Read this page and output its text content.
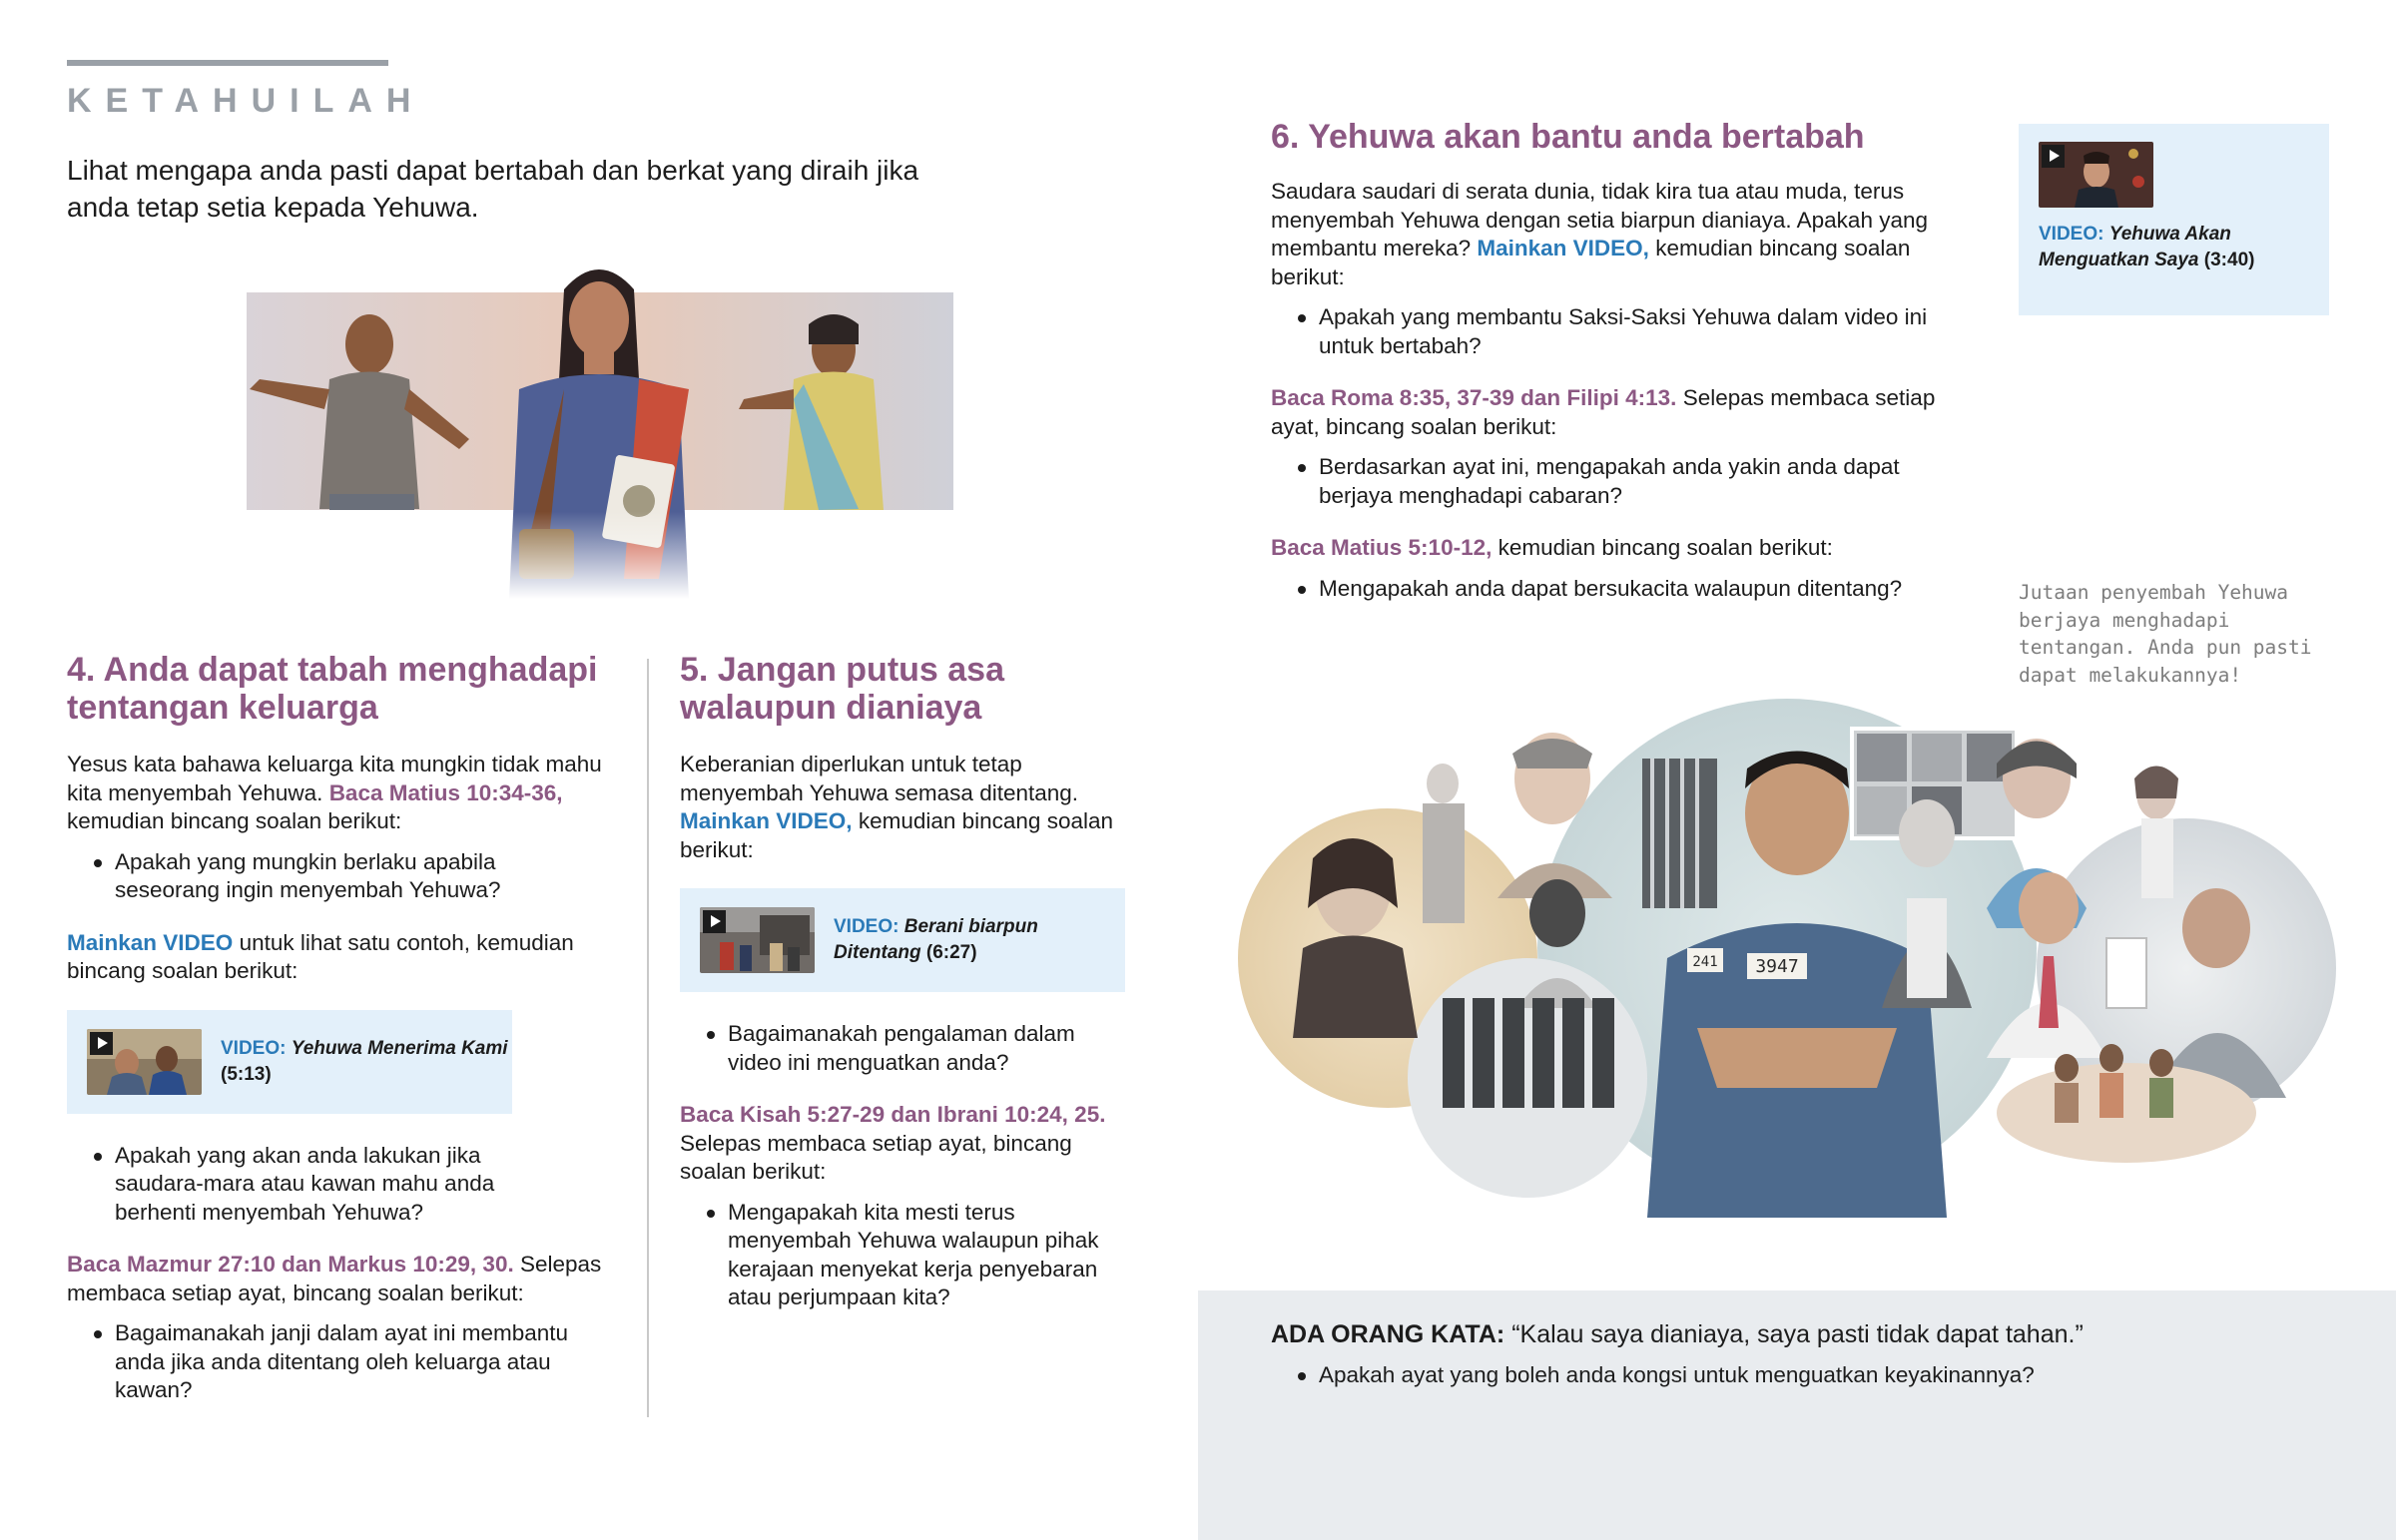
KETAHUILAH
Lihat mengapa anda pasti dapat bertabah dan berkat yang diraih jika anda tetap setia kepada Yehuwa.
4. Anda dapat tabah menghadapi
tentangan keluarga

Yesus kata bahawa keluarga kita mungkin tidak mahu kita menyembah Yehuwa. Baca Matius 10:34-36, kemudian bincang soalan berikut:

Apakah yang mungkin berlaku apabila seseorang ingin menyembah Yehuwa?

Mainkan VIDEO untuk lihat satu contoh, kemudian bincang soalan berikut:

VIDEO: Yehuwa Menerima Kami (5:13)
Apakah yang akan anda lakukan jika saudara-mara atau kawan mahu anda berhenti menyembah Yehuwa?

Baca Mazmur 27:10 dan Markus 10:29, 30. Selepas membaca setiap ayat, bincang soalan berikut:

Bagaimanakah janji dalam ayat ini membantu anda jika anda ditentang oleh keluarga atau kawan?
5. Jangan putus asa
walaupun dianiaya

Keberanian diperlukan untuk tetap menyembah Yehuwa semasa ditentang. Mainkan VIDEO, kemudian bincang soalan berikut:

VIDEO: Berani biarpun Ditentang (6:27)
Bagaimanakah pengalaman dalam video ini menguatkan anda?

Baca Kisah 5:27-29 dan Ibrani 10:24, 25. Selepas membaca setiap ayat, bincang soalan berikut:

Mengapakah kita mesti terus menyembah Yehuwa walaupun pihak kerajaan menyekat kerja penyebaran atau perjumpaan kita?
6. Yehuwa akan bantu anda bertabah

Saudara saudari di serata dunia, tidak kira tua atau muda, terus menyembah Yehuwa dengan setia biarpun dianiaya. Apakah yang membantu mereka? Mainkan VIDEO, kemudian bincang soalan berikut:

Apakah yang membantu Saksi-Saksi Yehuwa dalam video ini untuk bertabah?

Baca Roma 8:35, 37-39 dan Filipi 4:13. Selepas membaca setiap ayat, bincang soalan berikut:

Berdasarkan ayat ini, mengapakah anda yakin anda dapat berjaya menghadapi cabaran?

Baca Matius 5:10-12, kemudian bincang soalan berikut:

Mengapakah anda dapat bersukacita walaupun ditentang?
VIDEO: Yehuwa Akan Menguatkan Saya (3:40)
Jutaan penyembah Yehuwa berjaya menghadapi tentangan. Anda pun pasti dapat melakukannya!
3947
241
ADA ORANG KATA: “Kalau saya dianiaya, saya pasti tidak dapat tahan.”
Apakah ayat yang boleh anda kongsi untuk menguatkan keyakinannya?
